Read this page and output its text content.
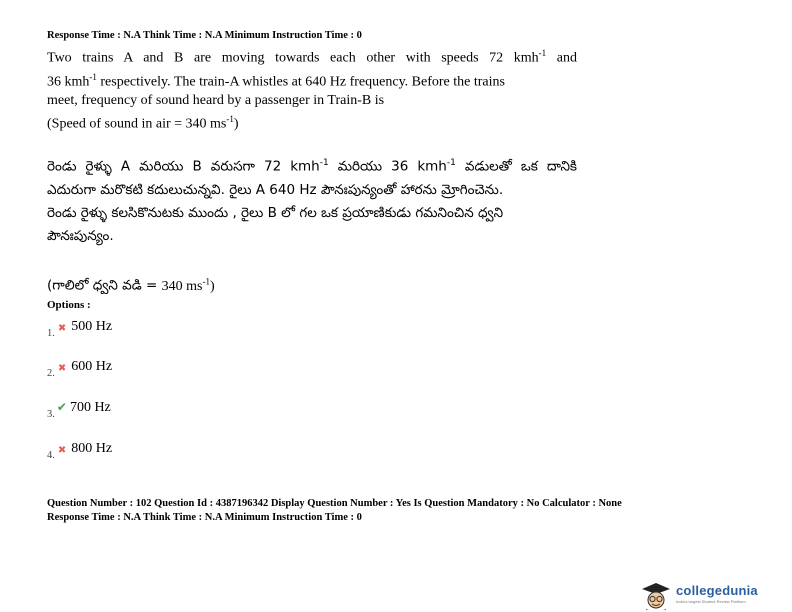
Response Time : N.A Think Time : N.A Minimum Instruction Time : 0
Two trains A and B are moving towards each other with speeds 72 kmh$^{-1}$ and
36 kmh$^{-1}$ respectively. The train-A whistles at 640 Hz frequency. Before the trains
meet, frequency of sound heard by a passenger in Train-B is
(Speed of sound in air = 340 $ms^{-1}$)
రెండు రైళ్ళు A మరియు B వరుసగా 72 kmh$^{-1}$ మరియు 36 kmh$^{-1}$ వడులతో ఒక దానికి
ఎదురుగా మరొకటి కదులుచున్నవి. రైలు A 640 Hz పౌనఃపున్యంతో హారను మ్రోగించెను.
రెండు రైళ్ళు కలసికొనుటకు ముందు , రైలు B లో గల ఒక ప్రయాణికుడు గమనించిన ధ్వని
పౌనఃపున్యం.
(గాలిలో ధ్వని వడి = 340 $ms^{-1}$)
Options :
$_{1.}$ ✖ 500 Hz
$_{2.}$ ✖ 600 Hz
$_{3.}$✔ 700 Hz
$_{4.}$ ✖ 800 Hz
Question Number : 102 Question Id : 4387196342 Display Question Number : Yes Is Question Mandatory : No Calculator : None
Response Time : N.A Think Time : N.A Minimum Instruction Time : 0
collegedunia
India's largest Student Review Platform
